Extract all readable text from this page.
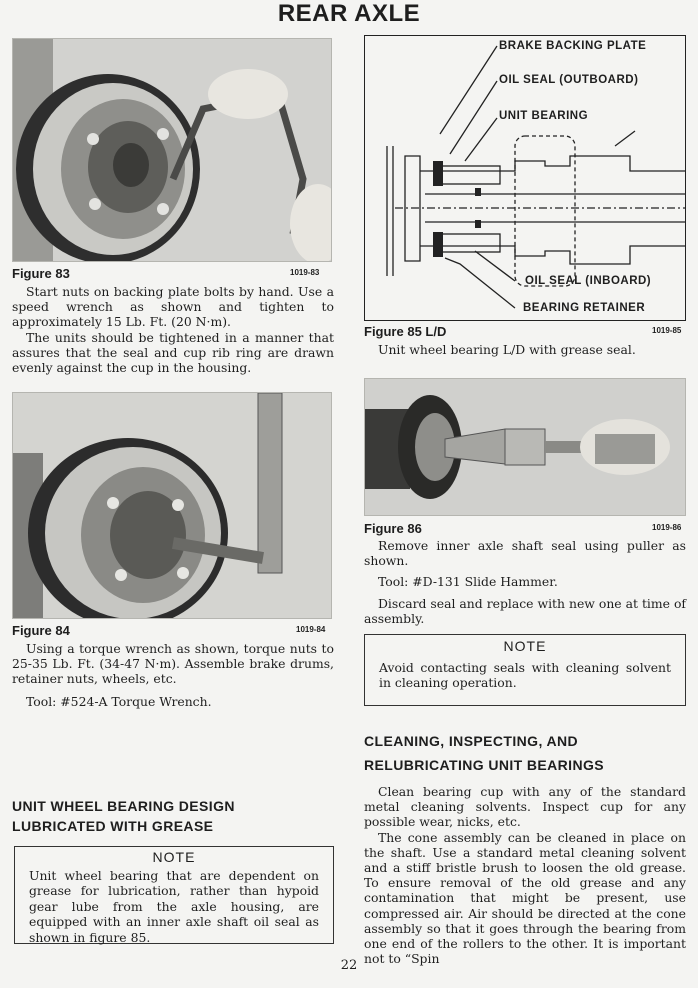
REAR AXLE
Figure 83	1019-83

Start nuts on backing plate bolts by hand. Use a speed wrench as shown and tighten to approximately 15 Lb. Ft. (20 N·m).

The units should be tightened in a manner that assures that the seal and cup rib ring are drawn evenly against the cup in the housing.

Figure 84	1019-84

Using a torque wrench as shown, torque nuts to 25-35 Lb. Ft. (34-47 N·m). Assemble brake drums, retainer nuts, wheels, etc.

Tool: #524-A Torque Wrench.

UNIT WHEEL BEARING DESIGN
LUBRICATED WITH GREASE
NOTE
Unit wheel bearing that are dependent on grease for lubrication, rather than hypoid gear lube from the axle housing, are equipped with an inner axle shaft oil seal as shown in figure 85.
BRAKE BACKING PLATE
OIL SEAL (OUTBOARD)
UNIT BEARING
OIL SEAL (INBOARD)
BEARING RETAINER
Figure 85 L/D	1019-85

Unit wheel bearing L/D with grease seal.

Figure 86	1019-86

Remove inner axle shaft seal using puller as shown.

Tool: #D-131 Slide Hammer.

Discard seal and replace with new one at time of assembly.

NOTE
Avoid contacting seals with cleaning solvent in cleaning operation.
CLEANING, INSPECTING, AND
RELUBRICATING UNIT BEARINGS

Clean bearing cup with any of the standard metal cleaning solvents. Inspect cup for any possible wear, nicks, etc.

The cone assembly can be cleaned in place on the shaft. Use a standard metal cleaning solvent and a stiff bristle brush to loosen the old grease. To ensure removal of the old grease and any contamination that might be present, use compressed air. Air should be directed at the cone assembly so that it goes through the bearing from one end of the rollers to the other. It is important not to “Spin

22
